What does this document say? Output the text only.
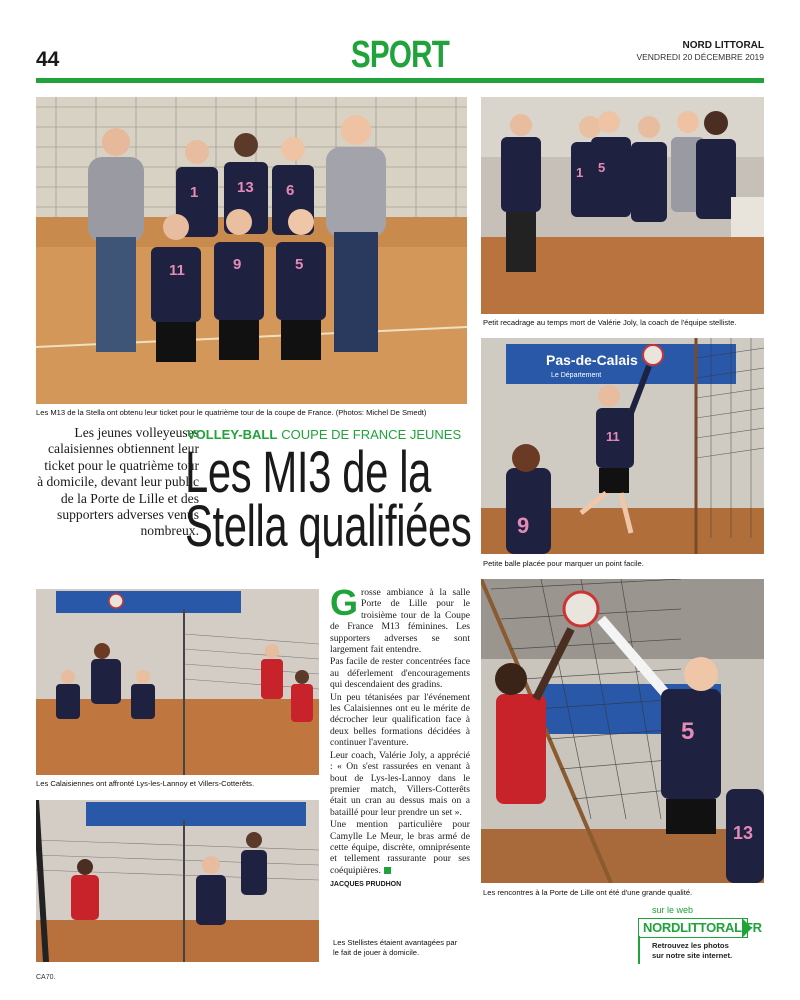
44	SPORT	NORD LITTORAL
VENDREDI 20 DÉCEMBRE 2019
1	13 6
11	9	5
Les M13 de la Stella ont obtenu leur ticket pour le quatrième tour de la coupe de France. (Photos: Michel De Smedt)
1 5
Petit recadrage au temps mort de Valérie Joly, la coach de l'équipe stelliste.
Pas-de-Calais
Le Département
11
9
Petite balle placée pour marquer un point facile.
Les jeunes volleyeuses calaisiennes obtiennent leur ticket pour le quatrième tour à domicile, devant leur public de la Porte de Lille et des supporters adverses venus nombreux.
VOLLEY-BALL COUPE DE FRANCE JEUNES
Les MI3 de la
Stella qualifiées
Les Calaisiennes ont affronté Lys-les-Lannoy et Villers-Cotterêts.
Les Stellistes étaient avantagées par le fait de jouer à domicile.

Grosse ambiance à la salle Porte de Lille pour le troisième tour de la Coupe de France M13 féminines. Les supporters adverses se sont largement fait entendre.

Pas facile de rester concentrées face au déferlement d'encouragements qui descendaient des gradins.

Un peu tétanisées par l'événement les Calaisiennes ont eu le mérite de décrocher leur qualification face à deux belles formations décidées à continuer l'aventure.

Leur coach, Valérie Joly, a apprécié : « On s'est rassurées en venant à bout de Lys-les-Lannoy dans le premier match, Villers-Cotterêts était un cran au dessus mais on a bataillé pour leur prendre un set ».

Une mention particulière pour Camylle Le Meur, le bras armé de cette équipe, discrète, omniprésente et tellement rassurante pour ses coéquipières.

JACQUES PRUDHON
5
13
Les rencontres à la Porte de Lille ont été d'une grande qualité.
sur le web
NORDLITTORAL.FR
Retrouvez les photos
sur notre site internet.
CA70.
